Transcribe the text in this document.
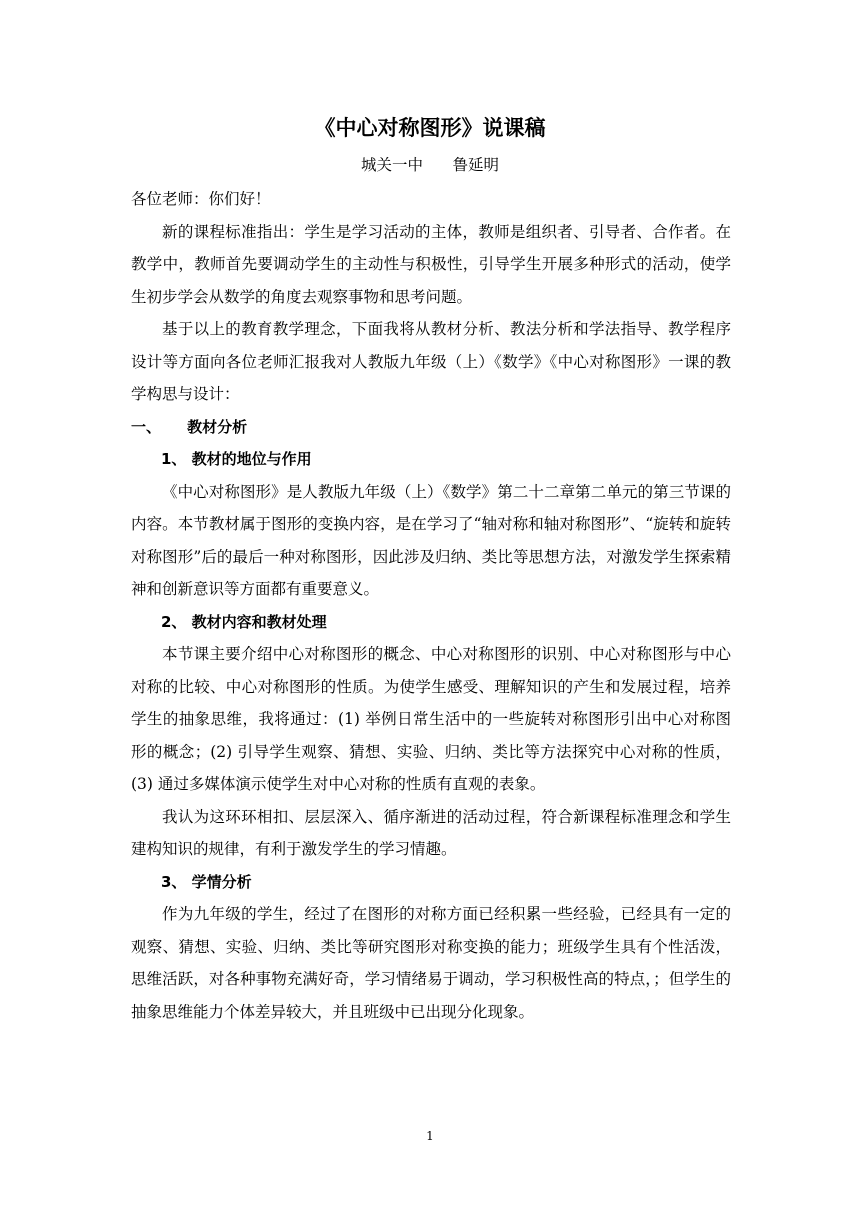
《中心对称图形》说课稿
城关一中      鲁延明

各位老师：你们好！

新的课程标准指出：学生是学习活动的主体，教师是组织者、引导者、合作者。在教学中，教师首先要调动学生的主动性与积极性，引导学生开展多种形式的活动，使学生初步学会从数学的角度去观察事物和思考问题。

基于以上的教育教学理念，下面我将从教材分析、教法分析和学法指导、教学程序设计等方面向各位老师汇报我对人教版九年级（上）《数学》《中心对称图形》一课的教学构思与设计：

一、     教材分析

1、 教材的地位与作用

《中心对称图形》是人教版九年级（上）《数学》第二十二章第二单元的第三节课的内容。本节教材属于图形的变换内容，是在学习了“轴对称和轴对称图形”、“旋转和旋转对称图形”后的最后一种对称图形，因此涉及归纳、类比等思想方法，对激发学生探索精神和创新意识等方面都有重要意义。

2、 教材内容和教材处理

本节课主要介绍中心对称图形的概念、中心对称图形的识别、中心对称图形与中心对称的比较、中心对称图形的性质。为使学生感受、理解知识的产生和发展过程，培养学生的抽象思维，我将通过：(1) 举例日常生活中的一些旋转对称图形引出中心对称图形的概念；(2) 引导学生观察、猜想、实验、归纳、类比等方法探究中心对称的性质，(3) 通过多媒体演示使学生对中心对称的性质有直观的表象。

我认为这环环相扣、层层深入、循序渐进的活动过程，符合新课程标准理念和学生建构知识的规律，有利于激发学生的学习情趣。

3、 学情分析

作为九年级的学生，经过了在图形的对称方面已经积累一些经验，已经具有一定的观察、猜想、实验、归纳、类比等研究图形对称变换的能力；班级学生具有个性活泼，思维活跃，对各种事物充满好奇，学习情绪易于调动，学习积极性高的特点，；但学生的抽象思维能力个体差异较大，并且班级中已出现分化现象。

1
